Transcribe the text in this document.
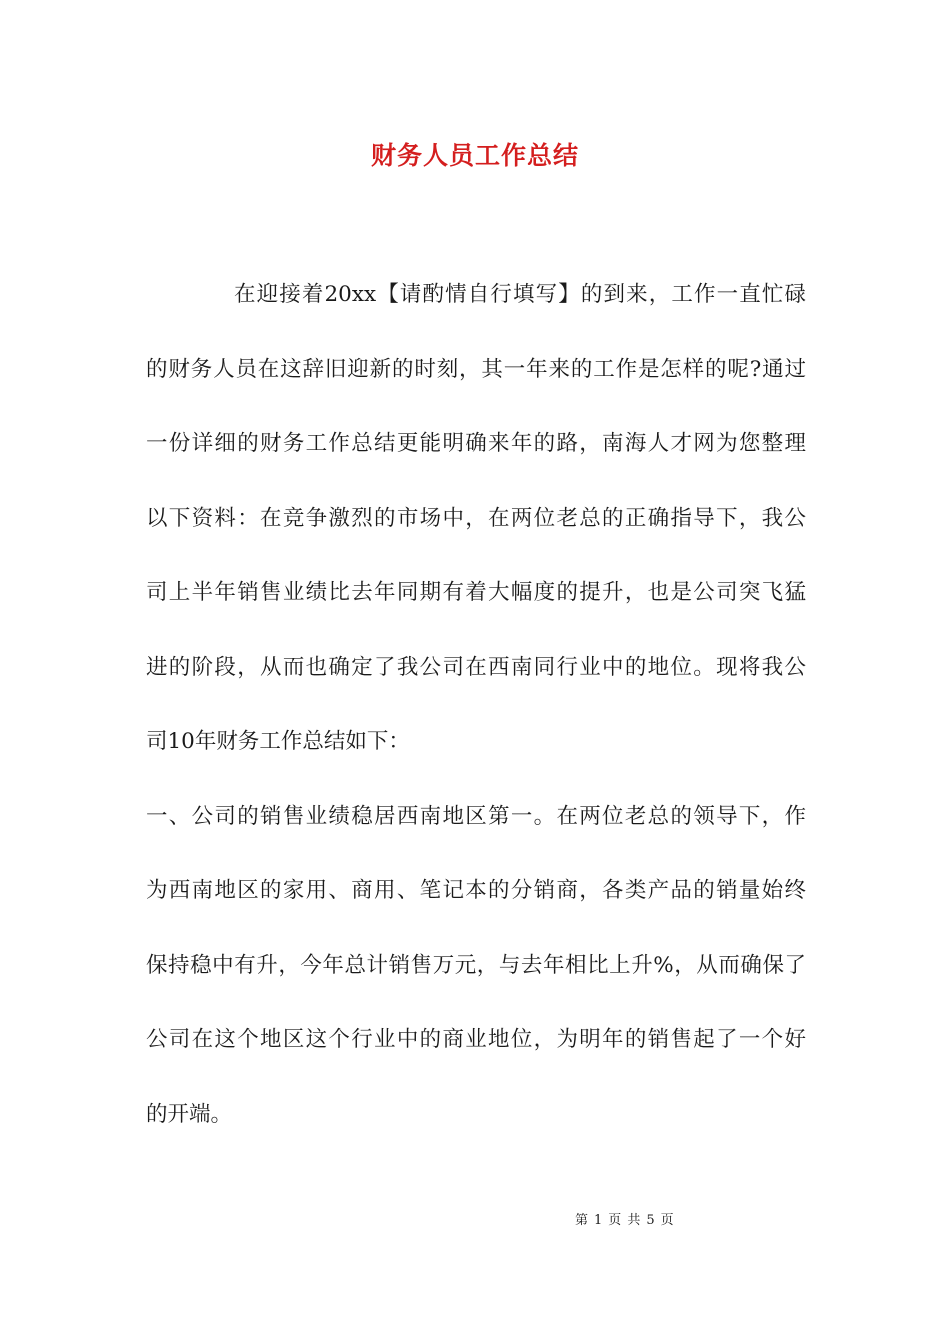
财务人员工作总结
在迎接着20xx【请酌情自行填写】的到来，工作一直忙碌
的财务人员在这辞旧迎新的时刻，其一年来的工作是怎样的呢?通过
一份详细的财务工作总结更能明确来年的路，南海人才网为您整理
以下资料：在竞争激烈的市场中，在两位老总的正确指导下，我公
司上半年销售业绩比去年同期有着大幅度的提升，也是公司突飞猛
进的阶段，从而也确定了我公司在西南同行业中的地位。现将我公
司10年财务工作总结如下：
一、公司的销售业绩稳居西南地区第一。在两位老总的领导下，作
为西南地区的家用、商用、笔记本的分销商，各类产品的销量始终
保持稳中有升，今年总计销售万元，与去年相比上升%，从而确保了
公司在这个地区这个行业中的商业地位，为明年的销售起了一个好
的开端。
第 1 页 共 5 页
